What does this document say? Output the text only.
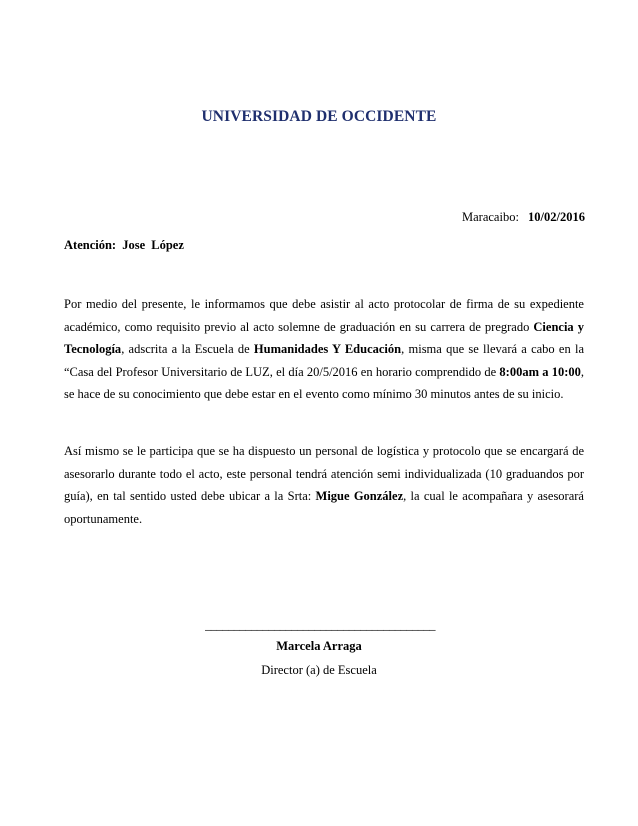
UNIVERSIDAD DE OCCIDENTE
Maracaibo: 10/02/2016
Atención: Jose López

Por medio del presente, le informamos que debe asistir al acto protocolar de firma de su expediente académico, como requisito previo al acto solemne de graduación en su carrera de pregrado Ciencia y Tecnología, adscrita a la Escuela de Humanidades Y Educación, misma que se llevará a cabo en la “Casa del Profesor Universitario de LUZ, el día 20/5/2016 en horario comprendido de 8:00am a 10:00, se hace de su conocimiento que debe estar en el evento como mínimo 30 minutos antes de su inicio.

Así mismo se le participa que se ha dispuesto un personal de logística y protocolo que se encargará de asesorarlo durante todo el acto, este personal tendrá atención semi individualizada (10 graduandos por guía), en tal sentido usted debe ubicar a la Srta: Migue González, la cual le acompañara y asesorará oportunamente.

________________________________________
Marcela Arraga
Director (a) de Escuela
